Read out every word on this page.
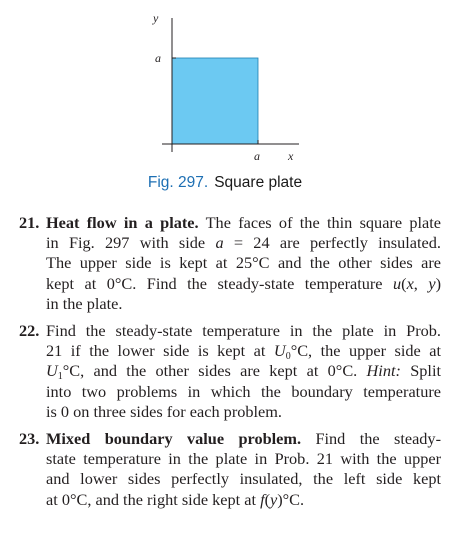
y
a
a x
Fig. 297. Square plate
21. Heat flow in a plate. The faces of the thin square plate
in Fig. 297 with side a = 24 are perfectly insulated.
The upper side is kept at 25°C and the other sides are
kept at 0°C. Find the steady-state temperature u(x, y)
in the plate.
22. Find the steady-state temperature in the plate in Prob.
21 if the lower side is kept at $U_0^\circ C$, the upper side at
$U_1^\circ C$, and the other sides are kept at 0°C. Hint: Split
into two problems in which the boundary temperature
is 0 on three sides for each problem.
23. Mixed boundary value problem. Find the steady-
state temperature in the plate in Prob. 21 with the upper
and lower sides perfectly insulated, the left side kept
at 0°C, and the right side kept at f(y)°C.
